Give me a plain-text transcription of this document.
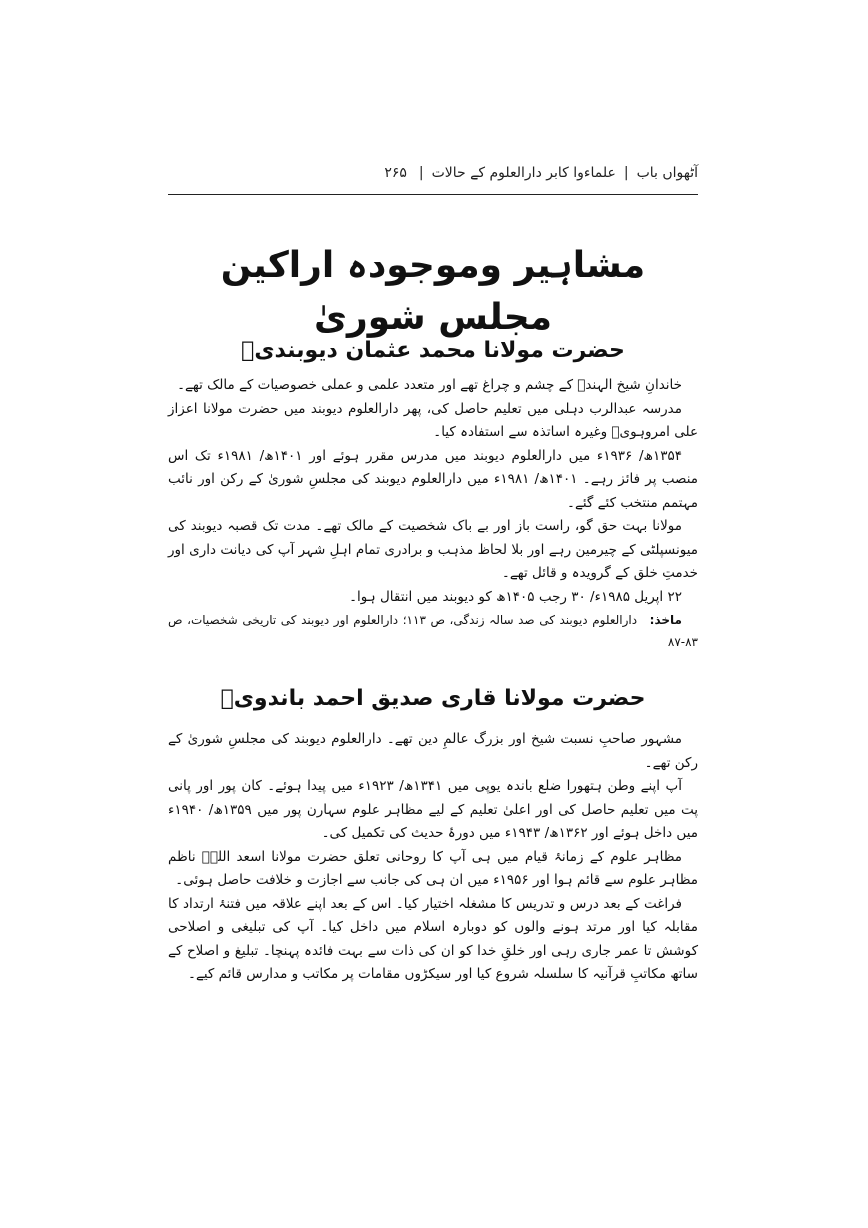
آٹھواں باب
|
علماءوا کابر دارالعلوم کے حالات
|
۲۶۵
مشاہیر وموجودہ اراکین مجلس شوریٰ
حضرت مولانا محمد عثمان دیوبندیؒ

خاندانِ شیخ الہندؒ کے چشم و چراغ تھے اور متعدد علمی و عملی خصوصیات کے مالک تھے۔

مدرسہ عبدالرب دہلی میں تعلیم حاصل کی، پھر دارالعلوم دیوبند میں حضرت مولانا اعزاز علی امروہویؒ وغیرہ اساتذہ سے استفادہ کیا۔

۱۳۵۴ھ/ ۱۹۳۶ء میں دارالعلوم دیوبند میں مدرس مقرر ہوئے اور ۱۴۰۱ھ/ ۱۹۸۱ء تک اس منصب پر فائز رہے۔ ۱۴۰۱ھ/ ۱۹۸۱ء میں دارالعلوم دیوبند کی مجلسِ شوریٰ کے رکن اور نائب مہتمم منتخب کئے گئے۔

مولانا بہت حق گو، راست باز اور بے باک شخصیت کے مالک تھے۔ مدت تک قصبہ دیوبند کی میونسپلٹی کے چیرمین رہے اور بلا لحاظ مذہب و برادری تمام اہلِ شہر آپ کی دیانت داری اور خدمتِ خلق کے گرویدہ و قائل تھے۔

۲۲ اپریل ۱۹۸۵ء/ ۳۰ رجب ۱۴۰۵ھ کو دیوبند میں انتقال ہوا۔

ماخذ: دارالعلوم دیوبند کی صد سالہ زندگی، ص ۱۱۳؛ دارالعلوم اور دیوبند کی تاریخی شخصیات، ص ۸۳-۸۷

حضرت مولانا قاری صدیق احمد باندویؒ

مشہور صاحبِ نسبت شیخ اور بزرگ عالمِ دین تھے۔ دارالعلوم دیوبند کی مجلسِ شوریٰ کے رکن تھے۔

آپ اپنے وطن ہتھورا ضلع باندہ یوپی میں ۱۳۴۱ھ/ ۱۹۲۳ء میں پیدا ہوئے۔ کان پور اور پانی پت میں تعلیم حاصل کی اور اعلیٰ تعلیم کے لیے مظاہر علوم سہارن پور میں ۱۳۵۹ھ/ ۱۹۴۰ء میں داخل ہوئے اور ۱۳۶۲ھ/ ۱۹۴۳ء میں دورۂ حدیث کی تکمیل کی۔

مظاہر علوم کے زمانۂ قیام میں ہی آپ کا روحانی تعلق حضرت مولانا اسعد اللہؒ ناظم مظاہر علوم سے قائم ہوا اور ۱۹۵۶ء میں ان ہی کی جانب سے اجازت و خلافت حاصل ہوئی۔

فراغت کے بعد درس و تدریس کا مشغلہ اختیار کیا۔ اس کے بعد اپنے علاقہ میں فتنۂ ارتداد کا مقابلہ کیا اور مرتد ہونے والوں کو دوبارہ اسلام میں داخل کیا۔ آپ کی تبلیغی و اصلاحی کوشش تا عمر جاری رہی اور خلقِ خدا کو ان کی ذات سے بہت فائدہ پہنچا۔ تبلیغ و اصلاح کے ساتھ مکاتبِ قرآنیہ کا سلسلہ شروع کیا اور سیکڑوں مقامات پر مکاتب و مدارس قائم کیے۔
